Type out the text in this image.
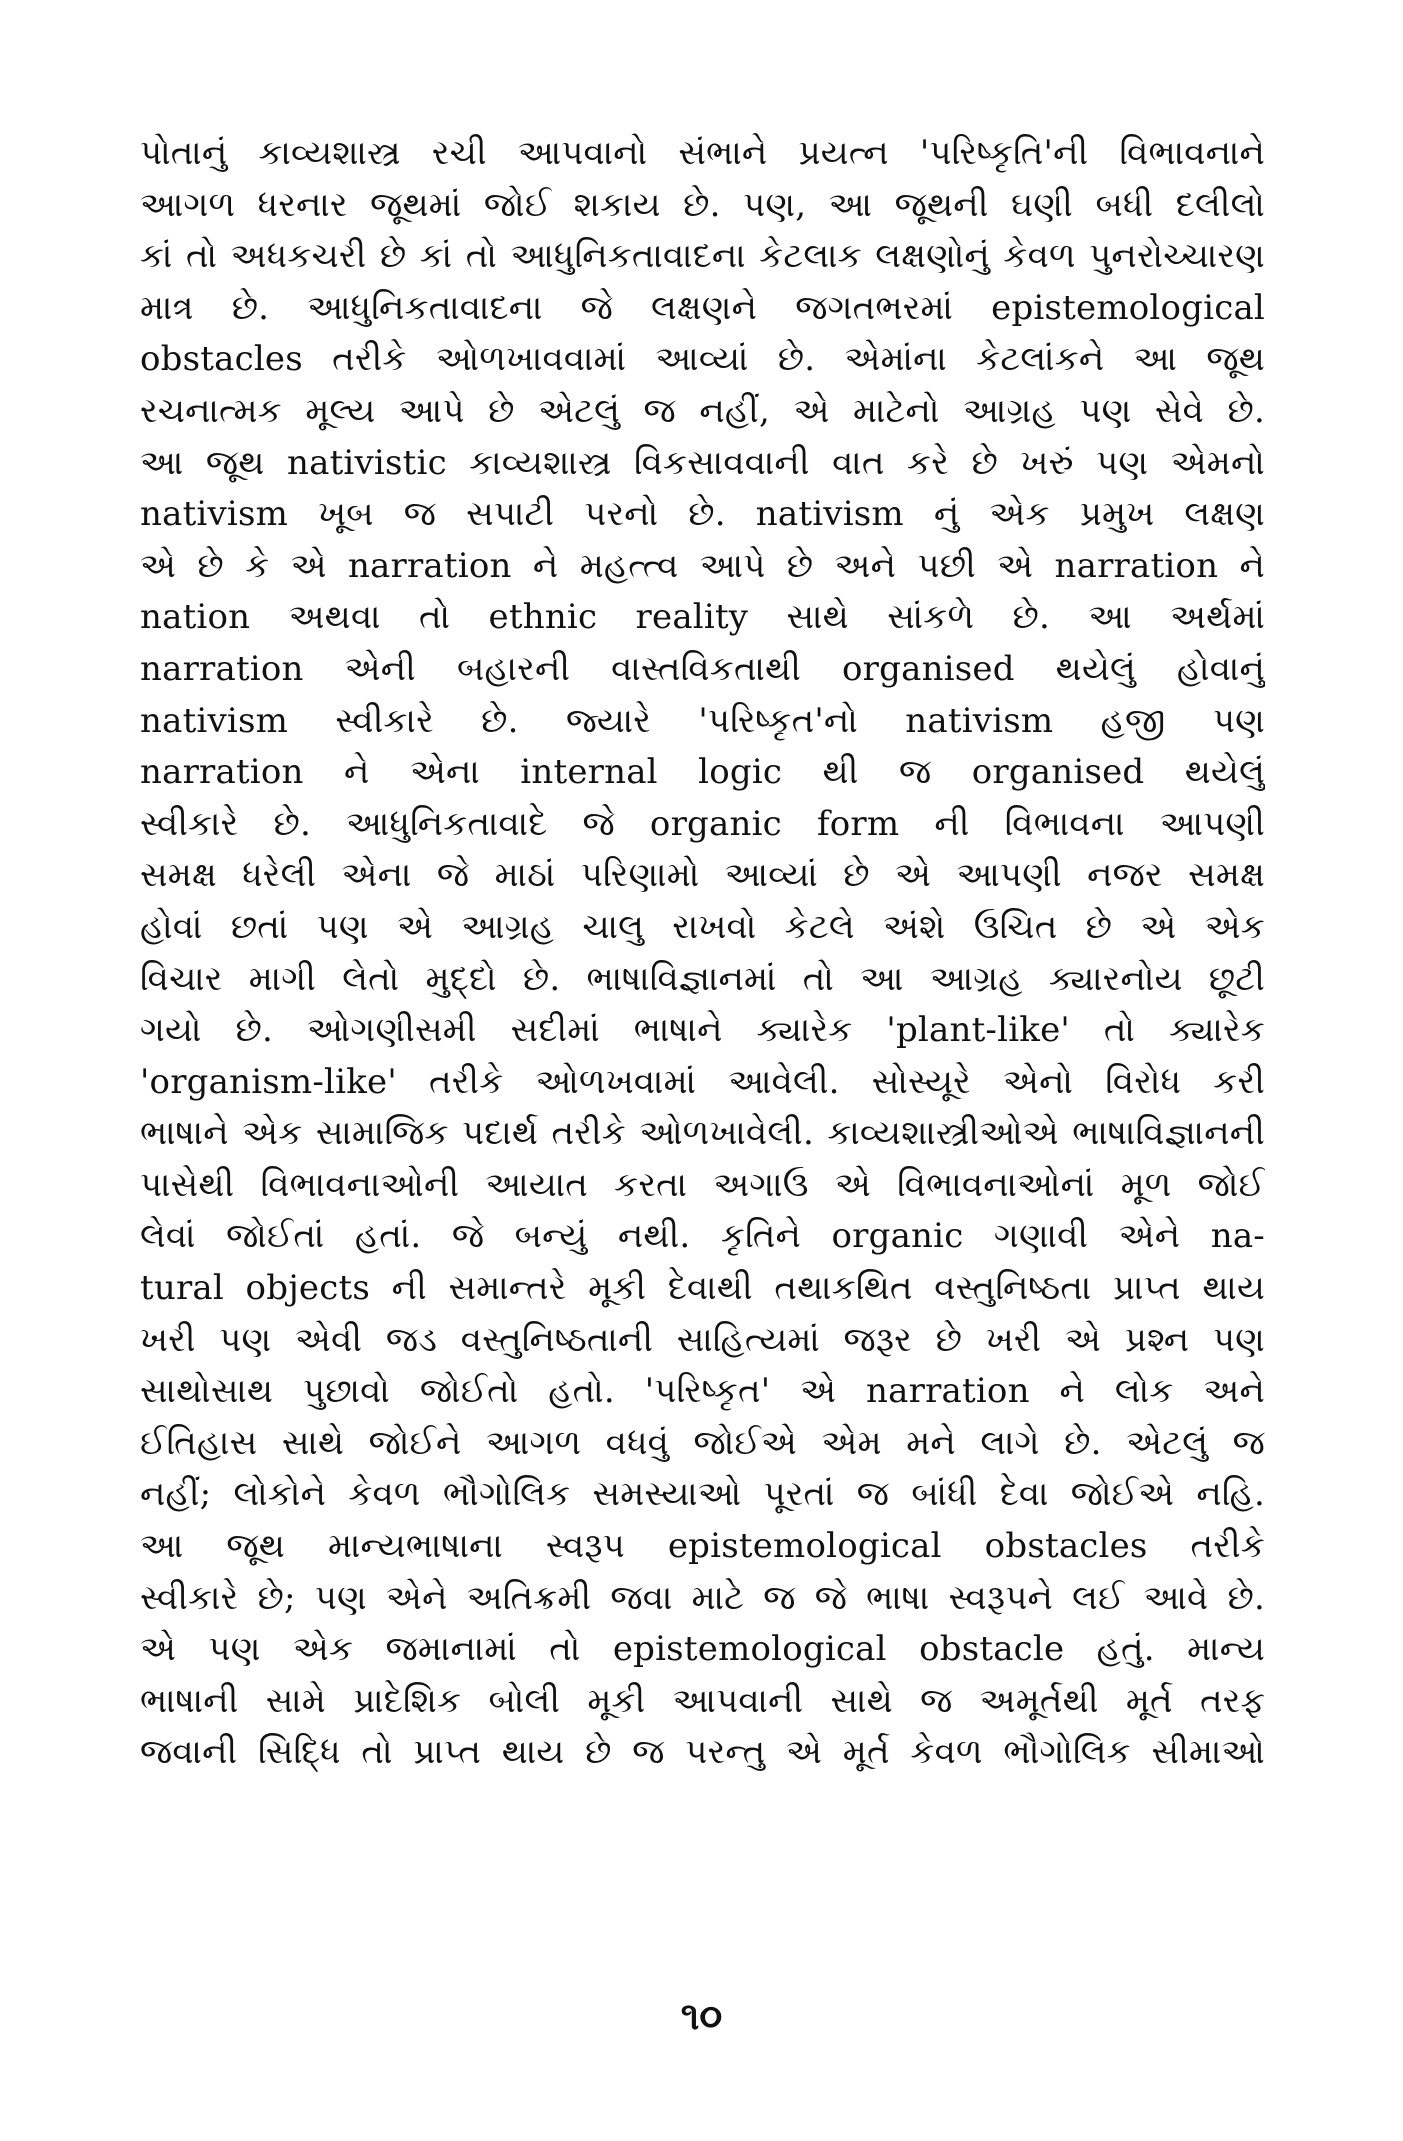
પોતાનું કાવ્યશાસ્ત્ર રચી આપવાનો સંભાને પ્રયત્ન 'પરિષ્કૃતિ'ની વિભાવનાને
આગળ ધરનાર જૂથમાં જોઈ શકાય છે. પણ, આ જૂથની ઘણી બધી દલીલો
કાં તો અધકચરી છે કાં તો આધુનિકતાવાદના કેટલાક લક્ષણોનું કેવળ પુનરોચ્ચારણ
માત્ર છે. આધુનિકતાવાદના જે લક્ષણને જગતભરમાં epistemological
obstacles તરીકે ઓળખાવવામાં આવ્યાં છે. એમાંના કેટલાંકને આ જૂથ
રચનાત્મક મૂલ્ય આપે છે એટલું જ નહીં, એ માટેનો આગ્રહ પણ સેવે છે.
આ જૂથ nativistic કાવ્યશાસ્ત્ર વિકસાવવાની વાત કરે છે ખરું પણ એમનો
nativism ખૂબ જ સપાટી પરનો છે. nativism નું એક પ્રમુખ લક્ષણ
એ છે કે એ narration ને મહત્ત્વ આપે છે અને પછી એ narration ને
nation અથવા તો ethnic reality સાથે સાંકળે છે. આ અર્થમાં
narration એની બહારની વાસ્તવિકતાથી organised થયેલું હોવાનું
nativism સ્વીકારે છે. જ્યારે 'પરિષ્કૃત'નો nativism હજી પણ
narration ને એના internal logic થી જ organised થયેલું
સ્વીકારે છે. આધુનિકતાવાદે જે organic form ની વિભાવના આપણી
સમક્ષ ધરેલી એના જે માઠાં પરિણામો આવ્યાં છે એ આપણી નજર સમક્ષ
હોવાં છતાં પણ એ આગ્રહ ચાલુ રાખવો કેટલે અંશે ઉચિત છે એ એક
વિચાર માગી લેતો મુદ્દો છે. ભાષાવિજ્ઞાનમાં તો આ આગ્રહ ક્યારનોય છૂટી
ગયો છે. ઓગણીસમી સદીમાં ભાષાને ક્યારેક 'plant-like' તો ક્યારેક
'organism-like' તરીકે ઓળખવામાં આવેલી. સોસ્યૂરે એનો વિરોધ કરી
ભાષાને એક સામાજિક પદાર્થ તરીકે ઓળખાવેલી. કાવ્યશાસ્ત્રીઓએ ભાષાવિજ્ઞાનની
પાસેથી વિભાવનાઓની આયાત કરતા અગાઉ એ વિભાવનાઓનાં મૂળ જોઈ
લેવાં જોઈતાં હતાં. જે બન્યું નથી. કૃતિને organic ગણાવી એને na-
tural objects ની સમાન્તરે મૂકી દેવાથી તથાકથિત વસ્તુનિષ્ઠતા પ્રાપ્ત થાય
ખરી પણ એવી જડ વસ્તુનિષ્ઠતાની સાહિત્યમાં જરૂર છે ખરી એ પ્રશ્ન પણ
સાથોસાથ પુછાવો જોઈતો હતો. 'પરિષ્કૃત' એ narration ને લોક અને
ઈતિહાસ સાથે જોઈને આગળ વધવું જોઈએ એમ મને લાગે છે. એટલું જ
નહીં; લોકોને કેવળ ભૌગોલિક સમસ્યાઓ પૂરતાં જ બાંધી દેવા જોઈએ નહિ.
આ જૂથ માન્યભાષાના સ્વરૂપ epistemological obstacles તરીકે
સ્વીકારે છે; પણ એને અતિક્રમી જવા માટે જ જે ભાષા સ્વરૂપને લઈ આવે છે.
એ પણ એક જમાનામાં તો epistemological obstacle હતું. માન્ય
ભાષાની સામે પ્રાદેશિક બોલી મૂકી આપવાની સાથે જ અમૂર્તથી મૂર્ત તરફ
જવાની સિદ્ધિ તો પ્રાપ્ત થાય છે જ પરન્તુ એ મૂર્ત કેવળ ભૌગોલિક સીમાઓ
૧૦
